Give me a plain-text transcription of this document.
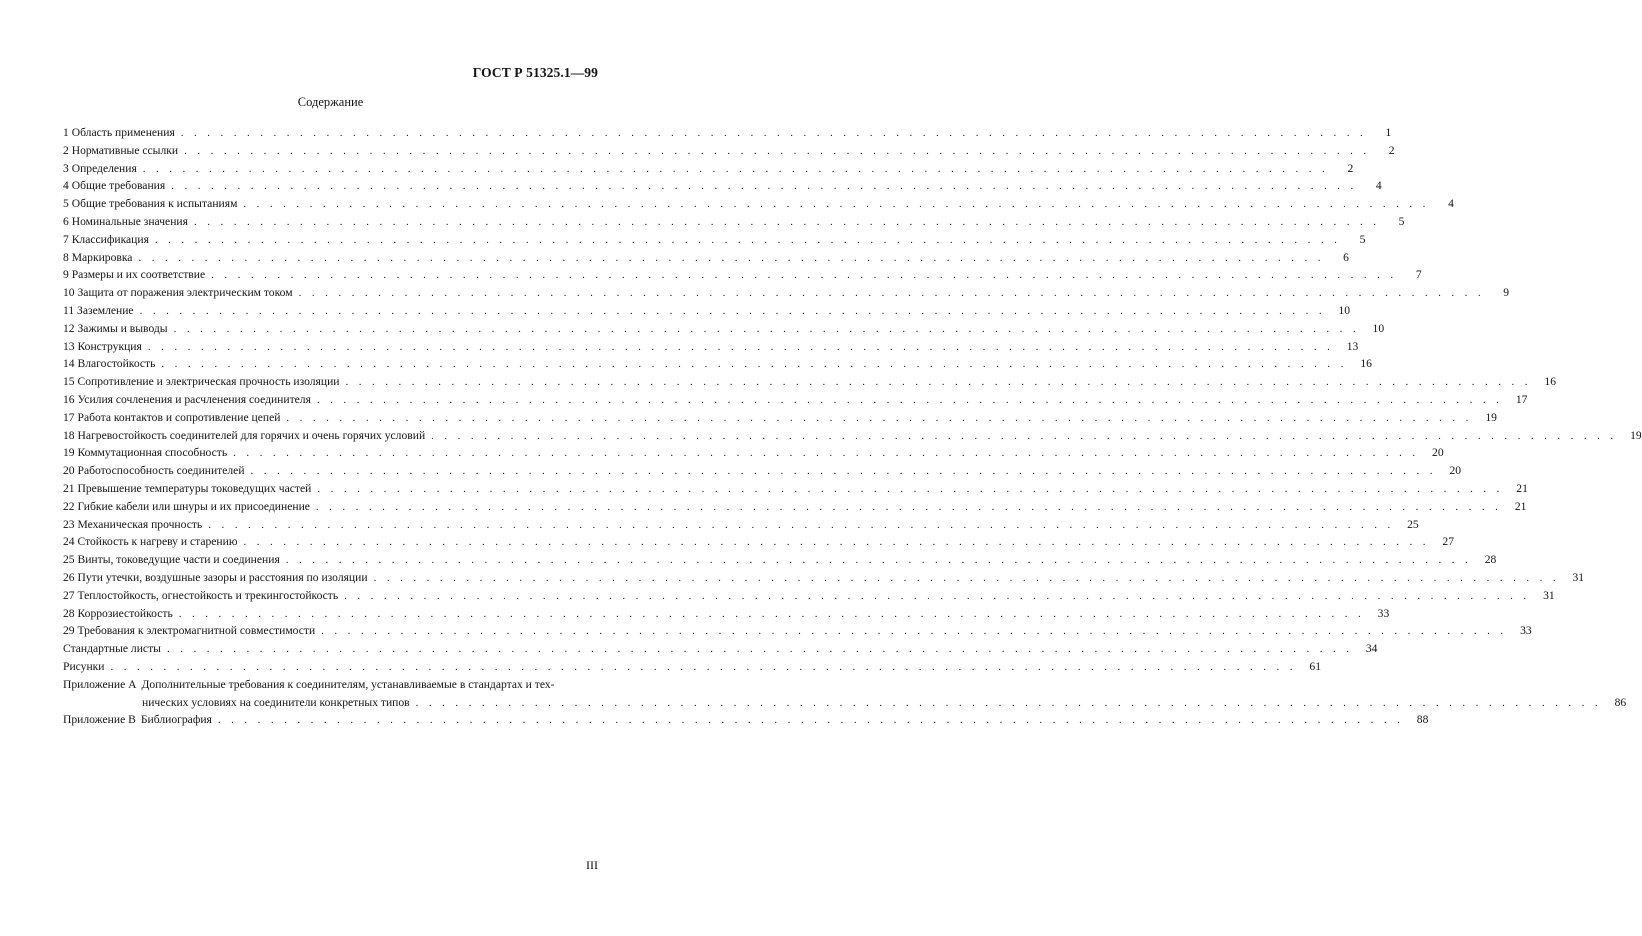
ГОСТ Р 51325.1—99
Содержание
1 Область применения ..........................................................................................	1
2 Нормативные ссылки ..........................................................................................	2
3 Определения ..........................................................................................	2
4 Общие требования ..........................................................................................	4
5 Общие требования к испытаниям ..........................................................................................	4
6 Номинальные значения ..........................................................................................	5
7 Классификация ..........................................................................................	5
8 Маркировка ..........................................................................................	6
9 Размеры и их соответствие ..........................................................................................	7
10 Защита от поражения электрическим током ..........................................................................................	9
11 Заземление .......................................................................................... 10
12 Зажимы и выводы .......................................................................................... 10
13 Конструкция .......................................................................................... 13
14 Влагостойкость .......................................................................................... 16
15 Сопротивление и электрическая прочность изоляции .......................................................................................... 16
16 Усилия сочленения и расчленения соединителя .......................................................................................... 17
17 Работа контактов и сопротивление цепей .......................................................................................... 19
18 Нагревостойкость соединителей для горячих и очень горячих условий .......................................................................................... 19
19 Коммутационная способность .......................................................................................... 20
20 Работоспособность соединителей .......................................................................................... 20
21 Превышение температуры токоведущих частей .......................................................................................... 21
22 Гибкие кабели или шнуры и их присоединение .......................................................................................... 21
23 Механическая прочность .......................................................................................... 25
24 Стойкость к нагреву и старению .......................................................................................... 27
25 Винты, токоведущие части и соединения .......................................................................................... 28
26 Пути утечки, воздушные зазоры и расстояния по изоляции .......................................................................................... 31
27 Теплостойкость, огнестойкость и трекингостойкость .......................................................................................... 31
28 Коррозиестойкость .......................................................................................... 33
29 Требования к электромагнитной совместимости .......................................................................................... 33
Стандартные листы .......................................................................................... 34
Рисунки .......................................................................................... 61
Приложение А Дополнительные требования к соединителям, устанавливаемые в стандартах и тех-
нических условиях на соединители конкретных типов .......................................................................................... 86
Приложение В Библиография .......................................................................................... 88
III
